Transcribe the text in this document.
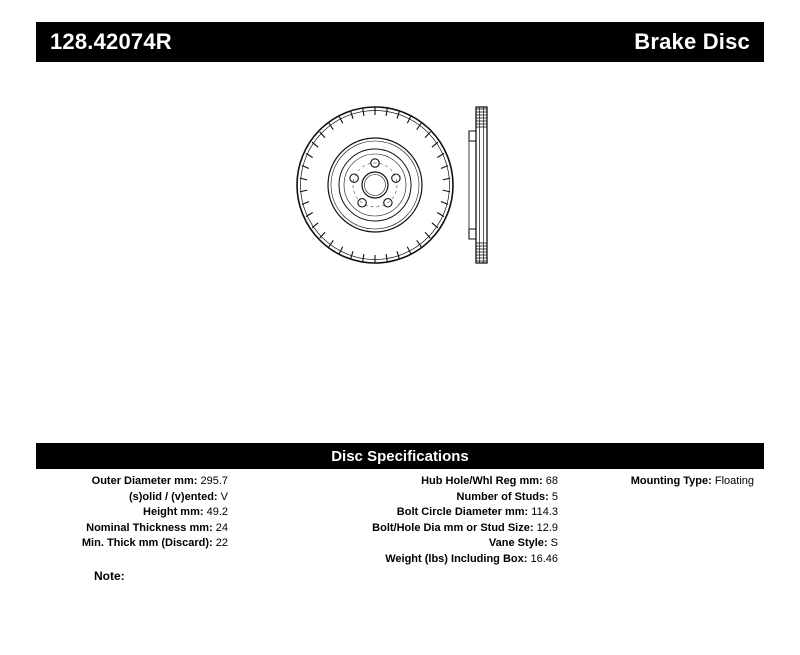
128.42074R	Brake Disc
Disc Specifications
Outer Diameter mm: 295.7
(s)olid / (v)ented: V
Height mm: 49.2
Nominal Thickness mm: 24
Min. Thick mm (Discard): 22
Hub Hole/Whl Reg mm: 68
Number of Studs: 5
Bolt Circle Diameter mm: 114.3
Bolt/Hole Dia mm or Stud Size: 12.9
Vane Style: S
Weight (lbs) Including Box: 16.46
Mounting Type: Floating
Note:
